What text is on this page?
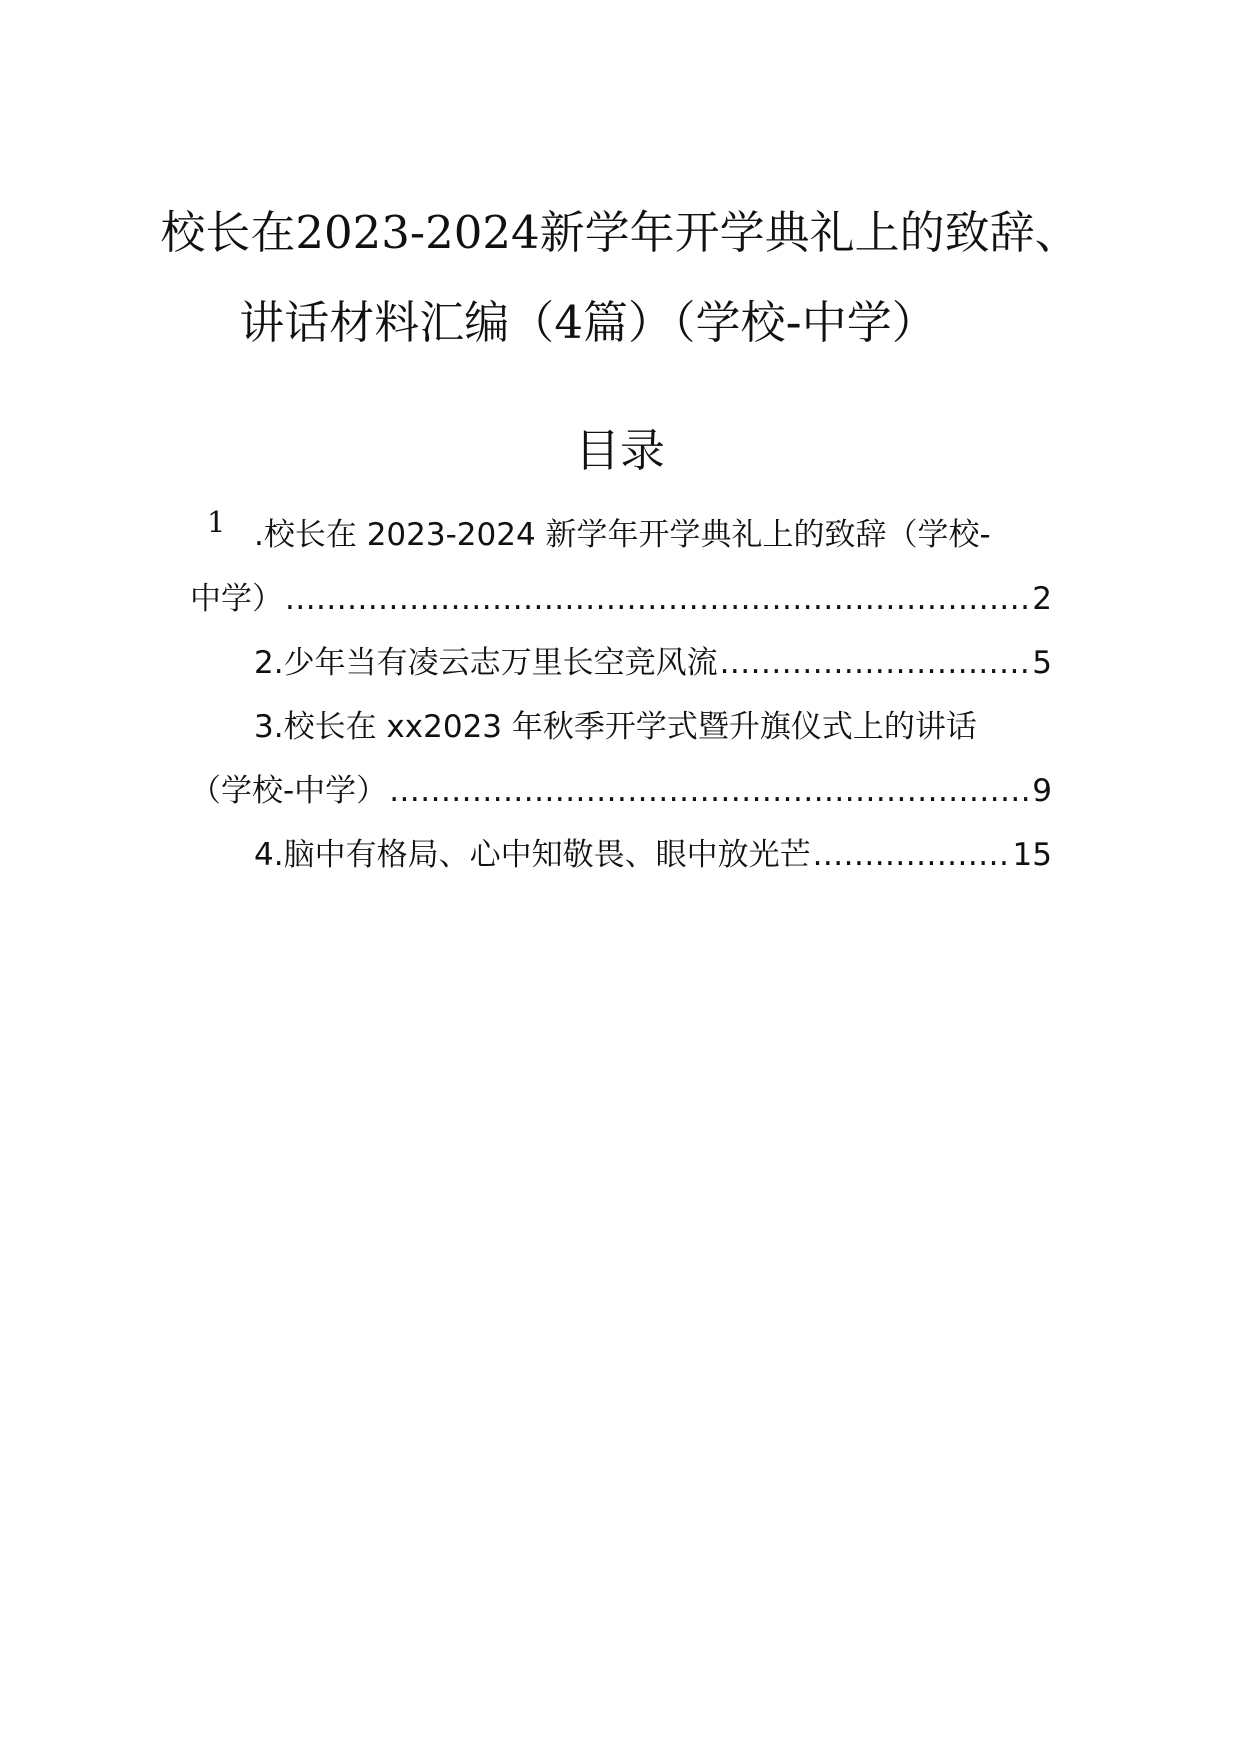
校长在2023-2024新学年开学典礼上的致辞、
讲话材料汇编（4篇）（学校-中学）
目录
1 .校长在 2023-2024 新学年开学典礼上的致辞（学校-
中学） .....	2
2.少年当有凌云志万里长空竞风流 .....	5
3.校长在 xx2023 年秋季开学式暨升旗仪式上的讲话
（学校-中学） .....	9
4.脑中有格局、心中知敬畏、眼中放光芒 .....	15
